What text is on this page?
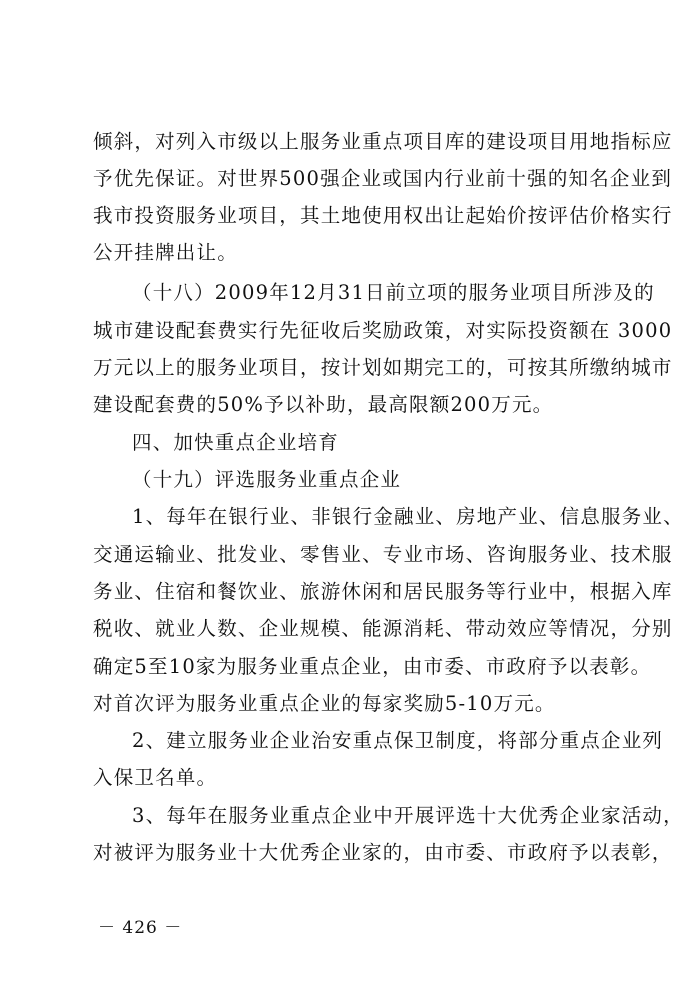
倾斜，对列入市级以上服务业重点项目库的建设项目用地指标应
予优先保证。对世界500强企业或国内行业前十强的知名企业到
我市投资服务业项目，其土地使用权出让起始价按评估价格实行
公开挂牌出让。
（十八）2009年12月31日前立项的服务业项目所涉及的
城市建设配套费实行先征收后奖励政策，对实际投资额在 3000
万元以上的服务业项目，按计划如期完工的，可按其所缴纳城市
建设配套费的50%予以补助，最高限额200万元。
四、加快重点企业培育
（十九）评选服务业重点企业
1、每年在银行业、非银行金融业、房地产业、信息服务业、
交通运输业、批发业、零售业、专业市场、咨询服务业、技术服
务业、住宿和餐饮业、旅游休闲和居民服务等行业中，根据入库
税收、就业人数、企业规模、能源消耗、带动效应等情况，分别
确定5至10家为服务业重点企业，由市委、市政府予以表彰。
对首次评为服务业重点企业的每家奖励5-10万元。
2、建立服务业企业治安重点保卫制度，将部分重点企业列
入保卫名单。
3、每年在服务业重点企业中开展评选十大优秀企业家活动，
对被评为服务业十大优秀企业家的，由市委、市政府予以表彰，
－ 426 －
